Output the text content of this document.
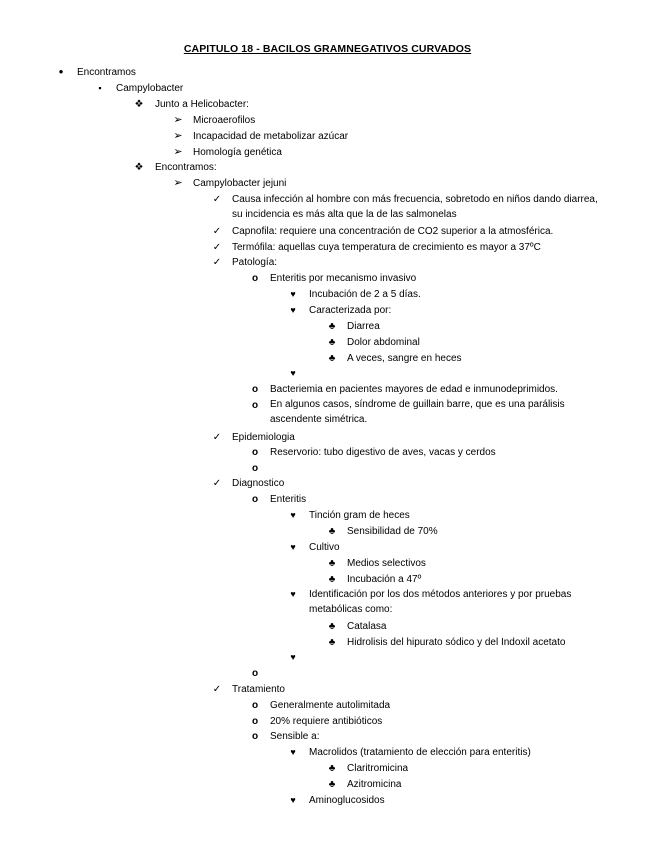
CAPITULO 18 - BACILOS GRAMNEGATIVOS CURVADOS
•
Encontramos
▪
Campylobacter
❖
Junto a Helicobacter:
➢
Microaerofilos
➢
Incapacidad de metabolizar azúcar
➢
Homología genética
❖
Encontramos:
➢
Campylobacter jejuni
✓
Causa infección al hombre con más frecuencia, sobretodo en niños dando diarrea, su incidencia es más alta que la de las salmonelas
✓
Capnofila: requiere una concentración de CO2 superior a la atmosférica.
✓
Termófila: aquellas cuya temperatura de crecimiento es mayor a 37ºC
✓
Patología:
o
Enteritis por mecanismo invasivo
♥
Incubación de 2 a 5 días.
♥
Caracterizada por:
♣
Diarrea
♣
Dolor abdominal
♣
A veces, sangre en heces
♥
o
Bacteriemia en pacientes mayores de edad e inmunodeprimidos.
o
En algunos casos, síndrome de guillain barre, que es una parálisis ascendente simétrica.
✓
Epidemiologia
o
Reservorio: tubo digestivo de aves, vacas y cerdos
o
✓
Diagnostico
o
Enteritis
♥
Tinción gram de heces
♣
Sensibilidad de 70%
♥
Cultivo
♣
Medios selectivos
♣
Incubación a 47º
♥
Identificación por los dos métodos anteriores y por pruebas metabólicas como:
♣
Catalasa
♣
Hidrolisis del hipurato sódico y del Indoxil acetato
♥
o
✓
Tratamiento
o
Generalmente autolimitada
o
20% requiere antibióticos
o
Sensible a:
♥
Macrolidos (tratamiento de elección para enteritis)
♣
Claritromicina
♣
Azitromicina
♥
Aminoglucosidos
